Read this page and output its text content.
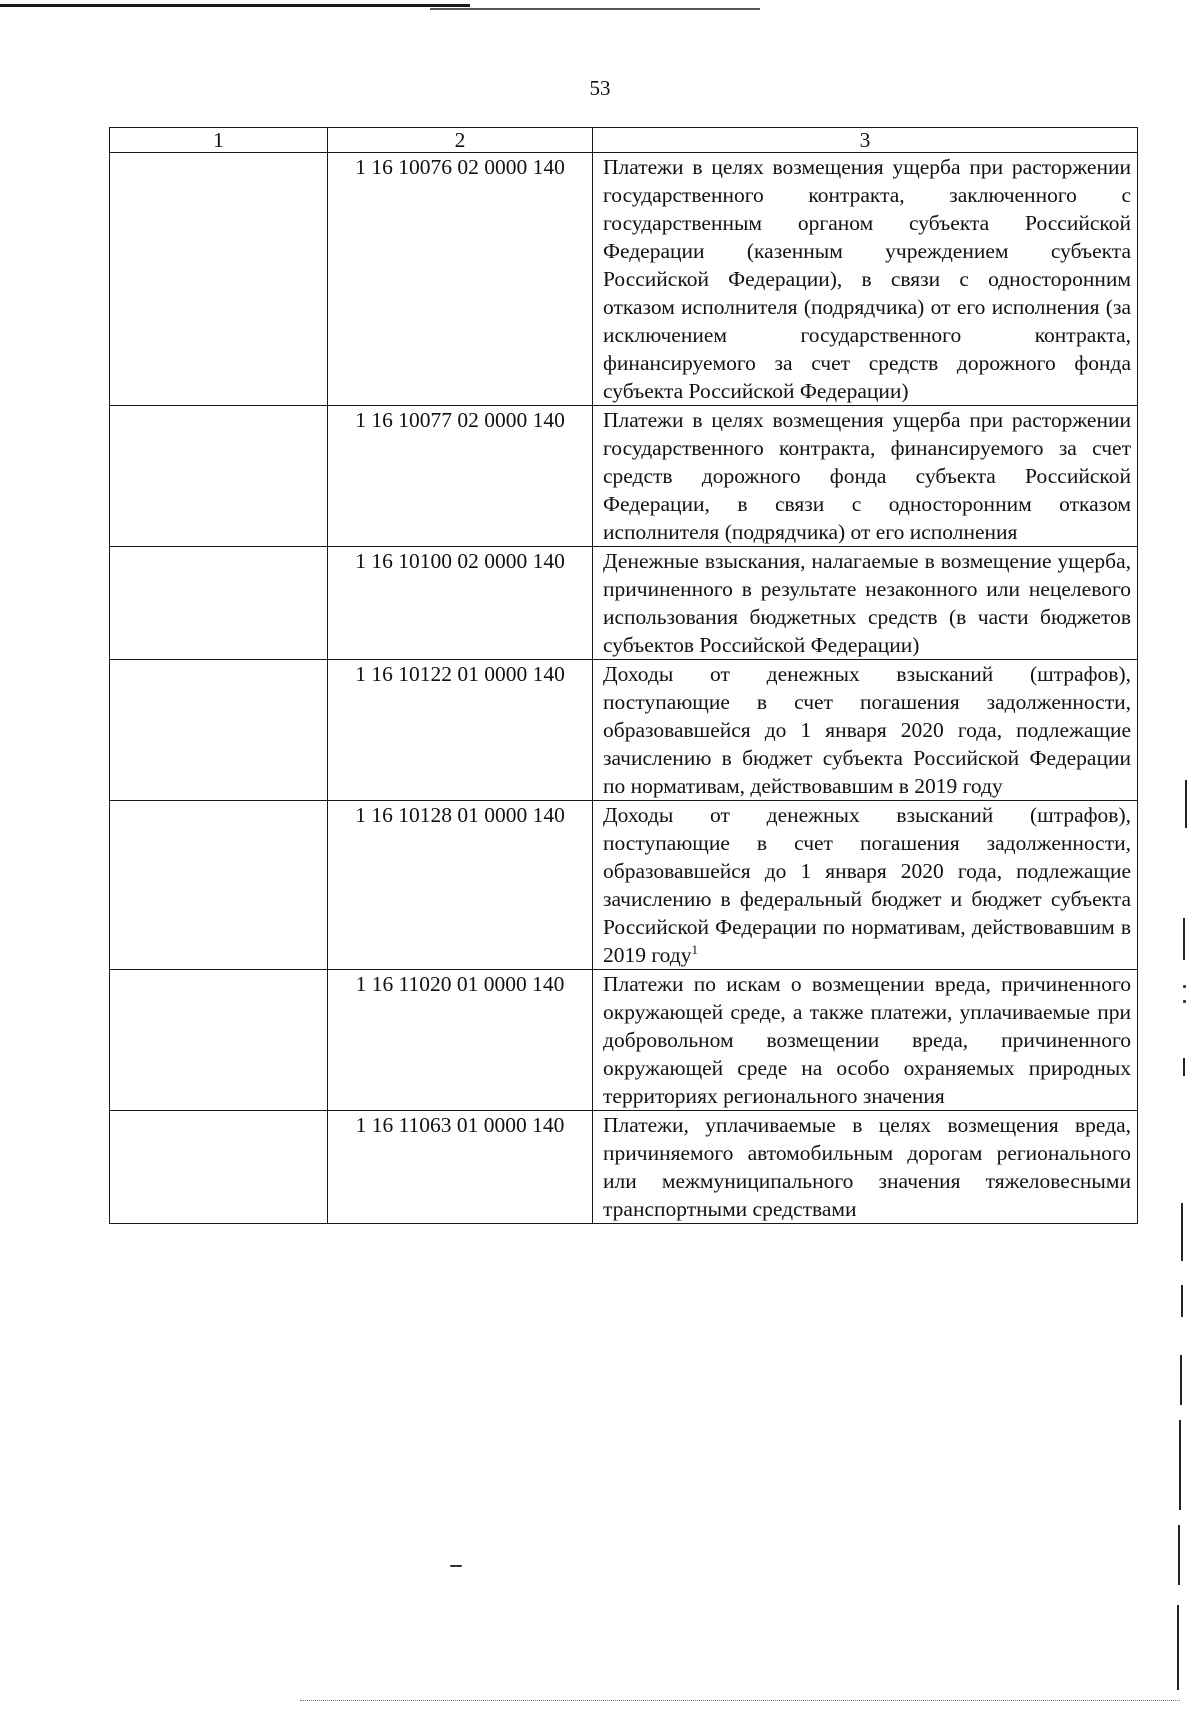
53
1	2	3
	1 16 10076 02 0000 140	Платежи в целях возмещения ущерба при расторжении государственного контракта, заключенного с государственным органом субъекта Российской Федерации (казенным учреждением субъекта Российской Федерации), в связи с односторонним отказом исполнителя (подрядчика) от его исполнения (за исключением государственного контракта, финансируемого за счет средств дорожного фонда субъекта Российской Федерации)
	1 16 10077 02 0000 140	Платежи в целях возмещения ущерба при расторжении государственного контракта, финансируемого за счет средств дорожного фонда субъекта Российской Федерации, в связи с односторонним отказом исполнителя (подрядчика) от его исполнения
	1 16 10100 02 0000 140	Денежные взыскания, налагаемые в возмещение ущерба, причиненного в результате незаконного или нецелевого использования бюджетных средств (в части бюджетов субъектов Российской Федерации)
	1 16 10122 01 0000 140	Доходы от денежных взысканий (штрафов), поступающие в счет погашения задолженности, образовавшейся до 1 января 2020 года, подлежащие зачислению в бюджет субъекта Российской Федерации по нормативам, действовавшим в 2019 году
	1 16 10128 01 0000 140	Доходы от денежных взысканий (штрафов), поступающие в счет погашения задолженности, образовавшейся до 1 января 2020 года, подлежащие зачислению в федеральный бюджет и бюджет субъекта Российской Федерации по нормативам, действовавшим в 2019 году$^1$
	1 16 11020 01 0000 140	Платежи по искам о возмещении вреда, причиненного окружающей среде, а также платежи, уплачиваемые при добровольном возмещении вреда, причиненного окружающей среде на особо охраняемых природных территориях регионального значения
	1 16 11063 01 0000 140	Платежи, уплачиваемые в целях возмещения вреда, причиняемого автомобильным дорогам регионального или межмуниципального значения тяжеловесными транспортными средствами
